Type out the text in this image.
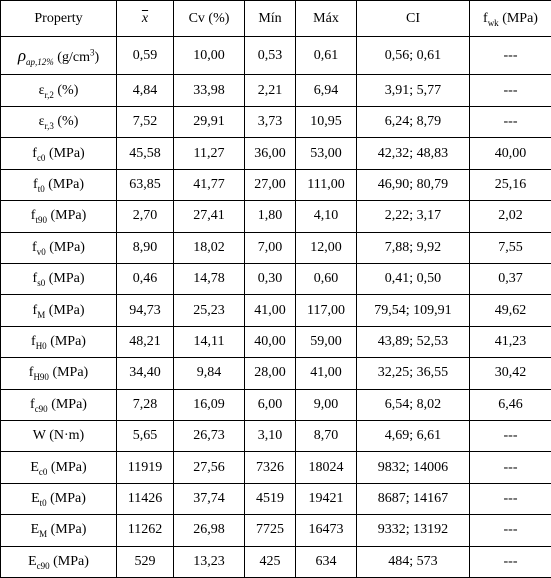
Property	$\overline{x}$	Cv (%)	Mín	Máx	CI	$f_{wk}$ (MPa)
$\rho_{ap,12\%}$ $(g/cm^3)$	0,59	10,00	0,53	0,61	0,56; 0,61	---
$\varepsilon_{r,2}$ (%)	4,84	33,98	2,21	6,94	3,91; 5,77	---
$\varepsilon_{r,3}$ (%)	7,52	29,91	3,73	10,95	6,24; 8,79	---
$f_{c0}$ (MPa)	45,58	11,27	36,00	53,00	42,32; 48,83	40,00
$f_{t0}$ (MPa)	63,85	41,77	27,00	111,00	46,90; 80,79	25,16
$f_{t90}$ (MPa)	2,70	27,41	1,80	4,10	2,22; 3,17	2,02
$f_{v0}$ (MPa)	8,90	18,02	7,00	12,00	7,88; 9,92	7,55
$f_{s0}$ (MPa)	0,46	14,78	0,30	0,60	0,41; 0,50	0,37
$f_M$ (MPa)	94,73	25,23	41,00	117,00	79,54; 109,91	49,62
$f_{H0}$ (MPa)	48,21	14,11	40,00	59,00	43,89; 52,53	41,23
$f_{H90}$ (MPa)	34,40	9,84	28,00	41,00	32,25; 36,55	30,42
$f_{c90}$ (MPa)	7,28	16,09	6,00	9,00	6,54; 8,02	6,46
W (N·m)	5,65	26,73	3,10	8,70	4,69; 6,61	---
$E_{c0}$ (MPa)	11919	27,56	7326	18024	9832; 14006	---
$E_{t0}$ (MPa)	11426	37,74	4519	19421	8687; 14167	---
$E_M$ (MPa)	11262	26,98	7725	16473	9332; 13192	---
$E_{c90}$ (MPa)	529	13,23	425	634	484; 573	---
